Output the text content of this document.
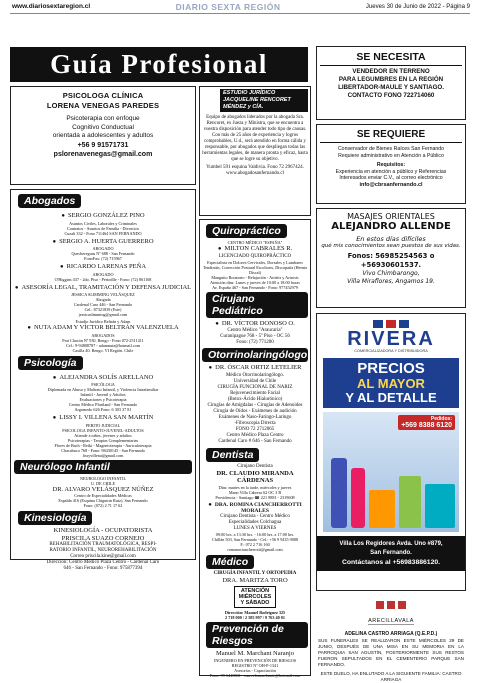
www.diariosextaregion.cl	DIARIO SEXTA REGIÓN	Jueves 30 de Junio de 2022 - Página 9
Guía Profesional
PSICOLOGA CLÍNICA
LORENA VENEGAS PAREDES
Psicoterapia con enfoque
Cognitivo Conductual
orientada a adolescentes y adultos
+56 9 91571731
pslorenavenegas@gmail.com
Abogados
● SERGIO GONZÁLEZ PINO
Asuntos Civiles, Laborales y Criminales
Contratos - Asuntos de Familia - Divorcios
Cuzali 332 - Fono 711464 SAN FERNANDO
● SERGIO A. HUERTA GUERRERO
ABOGADO
Quechereguas Nº 688 - San Fernando
FonoFax: (72) 715967
● RICARDO LARENAS PEÑA
ABOGADO
O'Higgins 437 - 2do. Piso - Periodlle - Fono: (72) 861168
● ASESORÍA LEGAL, TRAMITACIÓN Y DEFENSA JUDICIAL
JESSICA SLIMMING VELÁSQUEZ
Abogada
Cardenal Caro 446 - San Fernando
Cel.: 87321839 (Este)
jessicaslimming@gmail.com
Estudio Jurídico Beltrán y Adam
● NUTA ADAM Y VÍCTOR BELTRÁN VALENZUELA
ABOGADOS
Prat Chacón Nº 930, Rengo - Fono 072-2511411
Cel.: 9-94808787 - adamnuta@hotmail.com
Casilla 40. Rengo. VI Región. Chile
Psicología
● ALEJANDRA SOLÍS ARELLANO
PSICÓLOGA
Diplomada en Abuso y Maltrato Infantil, y Violencia Intrafamiliar
Infantil - Juvenil y Adultos
Evaluaciones y Psicoterapia
Centro Médico Pluriland - San Fernando
Argomedo 626 Fono: 6 303 37 81
● LISSY I. VILLENA SAN MARTÍN
PERITO JUDICIAL
PSICOLOGA INFANTO-JUVENIL-ADULTOS
Atiende a niños, jóvenes y adultos
Psicoterapias - Terapias Complementarias
Flores de Bach - Reiki - Magnetoterapia - Auriculoterapia
Chacabuco 768 - Fono: 98430145 - San Fernando
lissyvillena@gmail.com
Neurólogo Infantil
NEUROLOGO INFANTIL
U. DE CHILE
DR. ALVARO VELÁSQUEZ NÚÑEZ
Centro de Especialidades Médicas
Espalda 416 (Esquina Chiguirin Ruiz), San Fernando
Fono: (072) 2 71 17 62
Kinesiología
KINESIOLOGÍA - OCUPATORISTA
PRISCILA SUAZO CORNEJO
REHABILITACIÓN TRAUMATOLÓGICA, RESPI-
RATORIO INFANTIL, NEUROREHABILITACIÓN
Correo priscila.kine@gmail.com
Dirección: Centro Médico Plaza Centro - Cardenal Caro
646 - San Fernando - Fono: 975877394
ESTUDIO JURÍDICO JACQUELINE RENCORET MÉNDEZ y CÍA.
Equipo de abogados liderados por la abogada Sra. Rencoret, ex Jueza y Ministra, que se encuentra a vuestra disposición para atender todo tipo de causas. Con más de 25 años de experiencia y logros comprobables, U.d., será atendido en forma cálida y responsable, por abogados que despliegan todas las herramientas legales, de manera pronta y eficaz, hasta que se logre su objetivo.
Yumbel 591 esquina Valdivia. Fono 72 2967424.
www.abogadosanfernando.cl
Quiropráctico
CENTRO MÉDICO "ESPAÑA"
● MILTON CABRALES R.
LICENCIADO QUIROPRÁCTICO
Especialista en Dolores Cervicales, Dorsales y Lumbares
Tendinitis, Corrección Postural Escoliosis, Discopatía (Hernia Discal)
Manguito Rotatorio - Relajación - Artritis y Artrosis
Atención días: Lunes y jueves de 10:00 a 18:00 horas
Av. España 467 - San Fernando - Fono: 977452979
Cirujano Pediátrico
● DR. VÍCTOR DONOSO O.
Centro Médico "Araucaria"
Curanipague 768 - 5º Piso - OC 56
Fono: (72) 771200
Otorrinolaringólogo
● DR. ÓSCAR ORTIZ LETELIER
Médico Otorrinolaringólogo.
Universidad de Chile
CIRUGÍA FUNCIONAL DE NARIZ
Rejuvenecimiento Facial
(Botox-Ácido Hialurónico)
Cirugías de Amígdalas - Cirugías de Adenoides
Cirugía de Oídos - Exámenes de audición
Exámenes de Naso-Faringo-Laringo
-Fibroscopia Directa
FONO 72 2712065
Centro Médico Plaza Centro
Cardenal Caro # 646 - San Fernando
Dentista
Cirujano Dentista
DR. CLAUDIO MIRANDA CÁRDENAS
Días: martes en la tarde, miércoles y jueves
Mano Villa Cabrera 62 OC 3 B
Providencia - Santiago ☎ 221 9881 - 2319608
● DRA. ROMINA CIANCHERROTTI MORALES
Cirujano Dentista - Centro Médico
Especialidades Colchagua
LUNES A VIERNES
09:00 hrs. a 13:30 hrs. - 16:00 hrs. a 17:00 hrs.
Chillán 503, San Fernando - Cel.: +56 9 9435 9088
F.: 072 2 716 160
romanaciancherrotti@gmail.com
Médico
CIRUGÍA INFANTIL Y ORTOPEDIA
DRA. MARITZA TORO
ATENCIÓN
MIÉRCOLES
Y SÁBADO
Dirección: Manuel Rodríguez 325
2 718 000 / 2 585 997 / 9 763 40 01
Prevención de Riesgos
Manuel M. Marchant Naranjo
INGENIERO EN PREVENCIÓN DE RIESGOS
REGISTRO Nº OH-P-1341
Asesorías - Capacitación
Fono: 99-6448841 - marcelomarchante@hotmail.com
SE NECESITA
VENDEDOR EN TERRENO
PARA LEGUMBRES EN LA REGIÓN
LIBERTADOR-MAULE Y SANTIAGO.
CONTACTO FONO 722714060
SE REQUIERE
Conservador de Bienes Raíces San Fernando
Requiere administrativo en Atención a Público
Requisitos:
Experiencia en atención a público y Referencias
Interesados enviar C.V., al correo electrónico
info@cbrsanfernando.cl
MASAJES ORIENTALES
ALEJANDRO ALLENDE
En estos días difíciles
qué mis conocimientos sean puestos de sus vidas.
Fonos: 56985254563 o +56930601537.
Vivo Chimbarongo,
Villa Miraflores, Angamos 19.
RIVERA
COMERCIALIZADORA Y DISTRIBUIDORA
PRECIOS
AL MAYOR
Y AL DETALLE
Pedidos:
+569 8388 6120
Villa Los Regidores Avda. Uno #879,
San Fernando.
Contáctanos al +56983886120.
ARECILLAVALA
ADELINA CASTRO ARRIAGA (Q.E.P.D.)
SUS FUNERALES SE REALIZARON ESTE MIÉRCOLES 29 DE JUNIO, DESPUÉS DE UNA MISA EN SU MEMORIA EN LA PARROQUIA SAN AGUSTÍN, POSTERIORMENTE SUS RESTOS FUERON SEPULTADOS EN EL CEMENTERIO PARQUE SAN FERNANDO.
ESTE DUELO, HA ENLUTADO A LA SIGUIENTE FAMILIA: CASTRO ARRIAGA
